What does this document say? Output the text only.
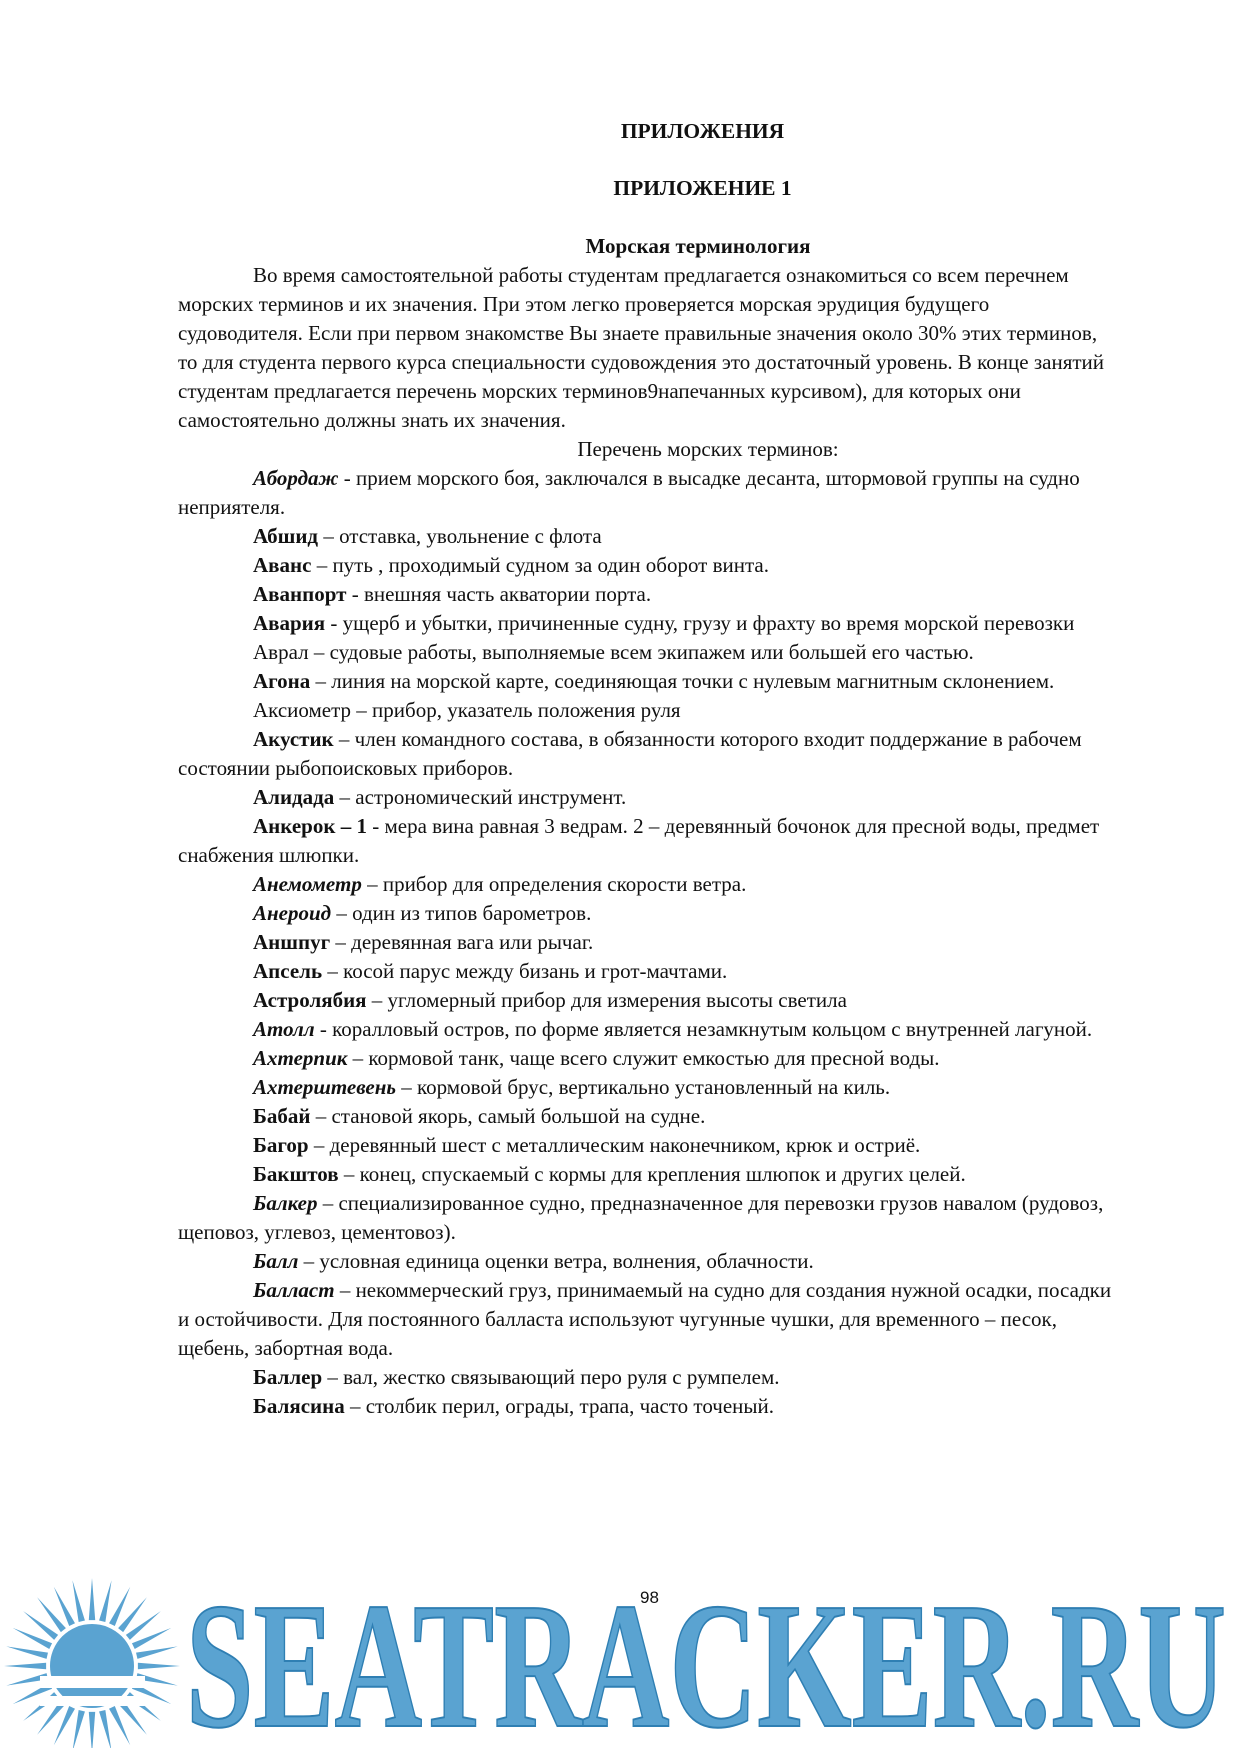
ПРИЛОЖЕНИЯ
ПРИЛОЖЕНИЕ 1

Морская терминология

Во время самостоятельной работы студентам предлагается ознакомиться со всем перечнем морских терминов и их значения. При этом легко проверяется морская эрудиция будущего судоводителя. Если при первом знакомстве Вы знаете правильные значения около 30% этих терминов, то для студента первого курса специальности судовождения это достаточный уровень. В конце занятий студентам предлагается перечень морских терминов9напечанных курсивом), для которых они самостоятельно должны знать их значения.

Перечень морских терминов:

Абордаж - прием морского боя, заключался в высадке десанта, штормовой группы на судно неприятеля.

Абшид – отставка, увольнение с флота

Аванс – путь , проходимый судном за один оборот винта.

Аванпорт - внешняя часть акватории порта.

Авария - ущерб и убытки, причиненные судну, грузу и фрахту во время морской перевозки

Аврал – судовые работы, выполняемые всем экипажем или большей его частью.

Агона – линия на морской карте, соединяющая точки с нулевым магнитным склонением.

Аксиометр – прибор, указатель положения руля

Акустик – член командного состава, в обязанности которого входит поддержание в рабочем состоянии рыбопоисковых приборов.

Алидада – астрономический инструмент.

Анкерок – 1 - мера вина равная 3 ведрам. 2 – деревянный бочонок для пресной воды, предмет снабжения шлюпки.

Анемометр – прибор для определения скорости ветра.

Анероид – один из типов барометров.

Аншпуг – деревянная вага или рычаг.

Апсель – косой парус между бизань и грот-мачтами.

Астролябия – угломерный прибор для измерения высоты светила

Атолл - коралловый остров, по форме является незамкнутым кольцом с внутренней лагуной.

Ахтерпик – кормовой танк, чаще всего служит емкостью для пресной воды.

Ахтерштевень – кормовой брус, вертикально установленный на киль.

Бабай – становой якорь, самый большой на судне.

Багор – деревянный шест с металлическим наконечником, крюк и остриё.

Бакштов – конец, спускаемый с кормы для крепления шлюпок и других целей.

Балкер – специализированное судно, предназначенное для перевозки грузов навалом (рудовоз, щеповоз, углевоз, цементовоз).

Балл – условная единица оценки ветра, волнения, облачности.

Балласт – некоммерческий груз, принимаемый на судно для создания нужной осадки, посадки и остойчивости. Для постоянного балласта используют чугунные чушки, для временного – песок, щебень, забортная вода.

Баллер – вал, жестко связывающий перо руля с румпелем.

Балясина – столбик перил, ограды, трапа, часто точеный.

SEATRACKER.RU
98
